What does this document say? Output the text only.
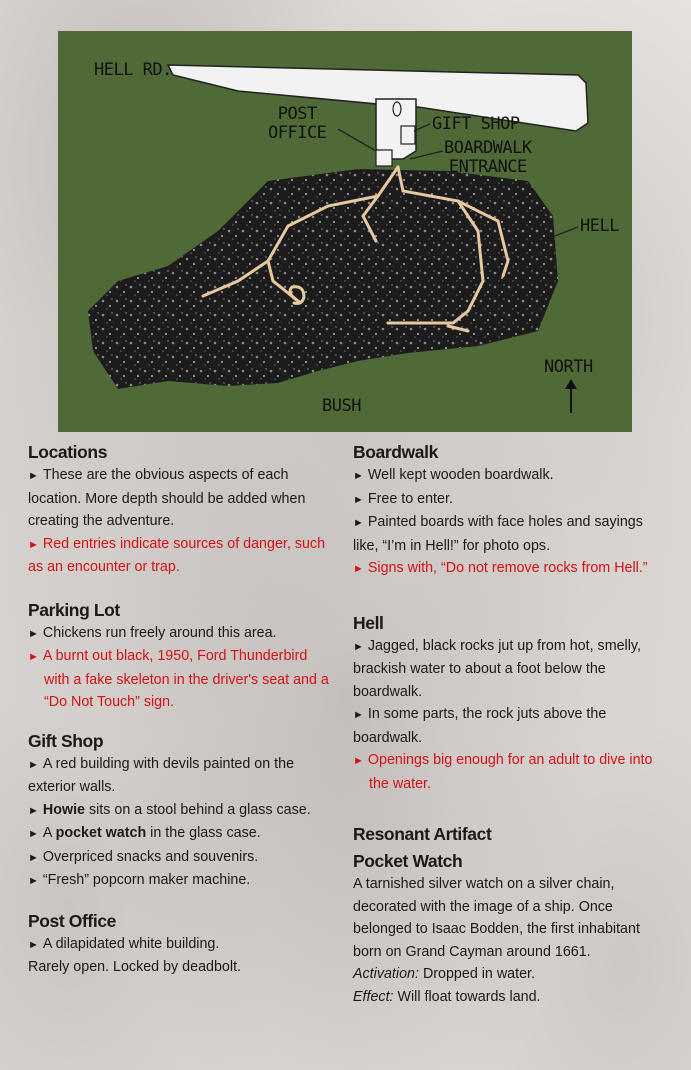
HELL RD.
POST
OFFICE	GIFT SHOP
BOARDWALK
ENTRANCE
HELL
NORTH
BUSH
Locations

► These are the obvious aspects of each location. More depth should be added when creating the adventure.

► Red entries indicate sources of danger, such as an encounter or trap.

Parking Lot

► Chickens run freely around this area.

► A burnt out black, 1950, Ford Thunderbird with a fake skeleton in the driver's seat and a “Do Not Touch” sign.

Gift Shop

► A red building with devils painted on the exterior walls.

► Howie sits on a stool behind a glass case.

► A pocket watch in the glass case.

► Overpriced snacks and souvenirs.

► “Fresh” popcorn maker machine.

Post Office

► A dilapidated white building.

Rarely open. Locked by deadbolt.

Boardwalk

► Well kept wooden boardwalk.

► Free to enter.

► Painted boards with face holes and sayings like, “I’m in Hell!” for photo ops.

► Signs with, “Do not remove rocks from Hell.”

Hell

► Jagged, black rocks jut up from hot, smelly, brackish water to about a foot below the boardwalk.

► In some parts, the rock juts above the boardwalk.

► Openings big enough for an adult to dive into the water.

Resonant Artifact
Pocket Watch

A tarnished silver watch on a silver chain, decorated with the image of a ship. Once belonged to Isaac Bodden, the first inhabitant born on Grand Cayman around 1661.

Activation: Dropped in water.

Effect: Will float towards land.
